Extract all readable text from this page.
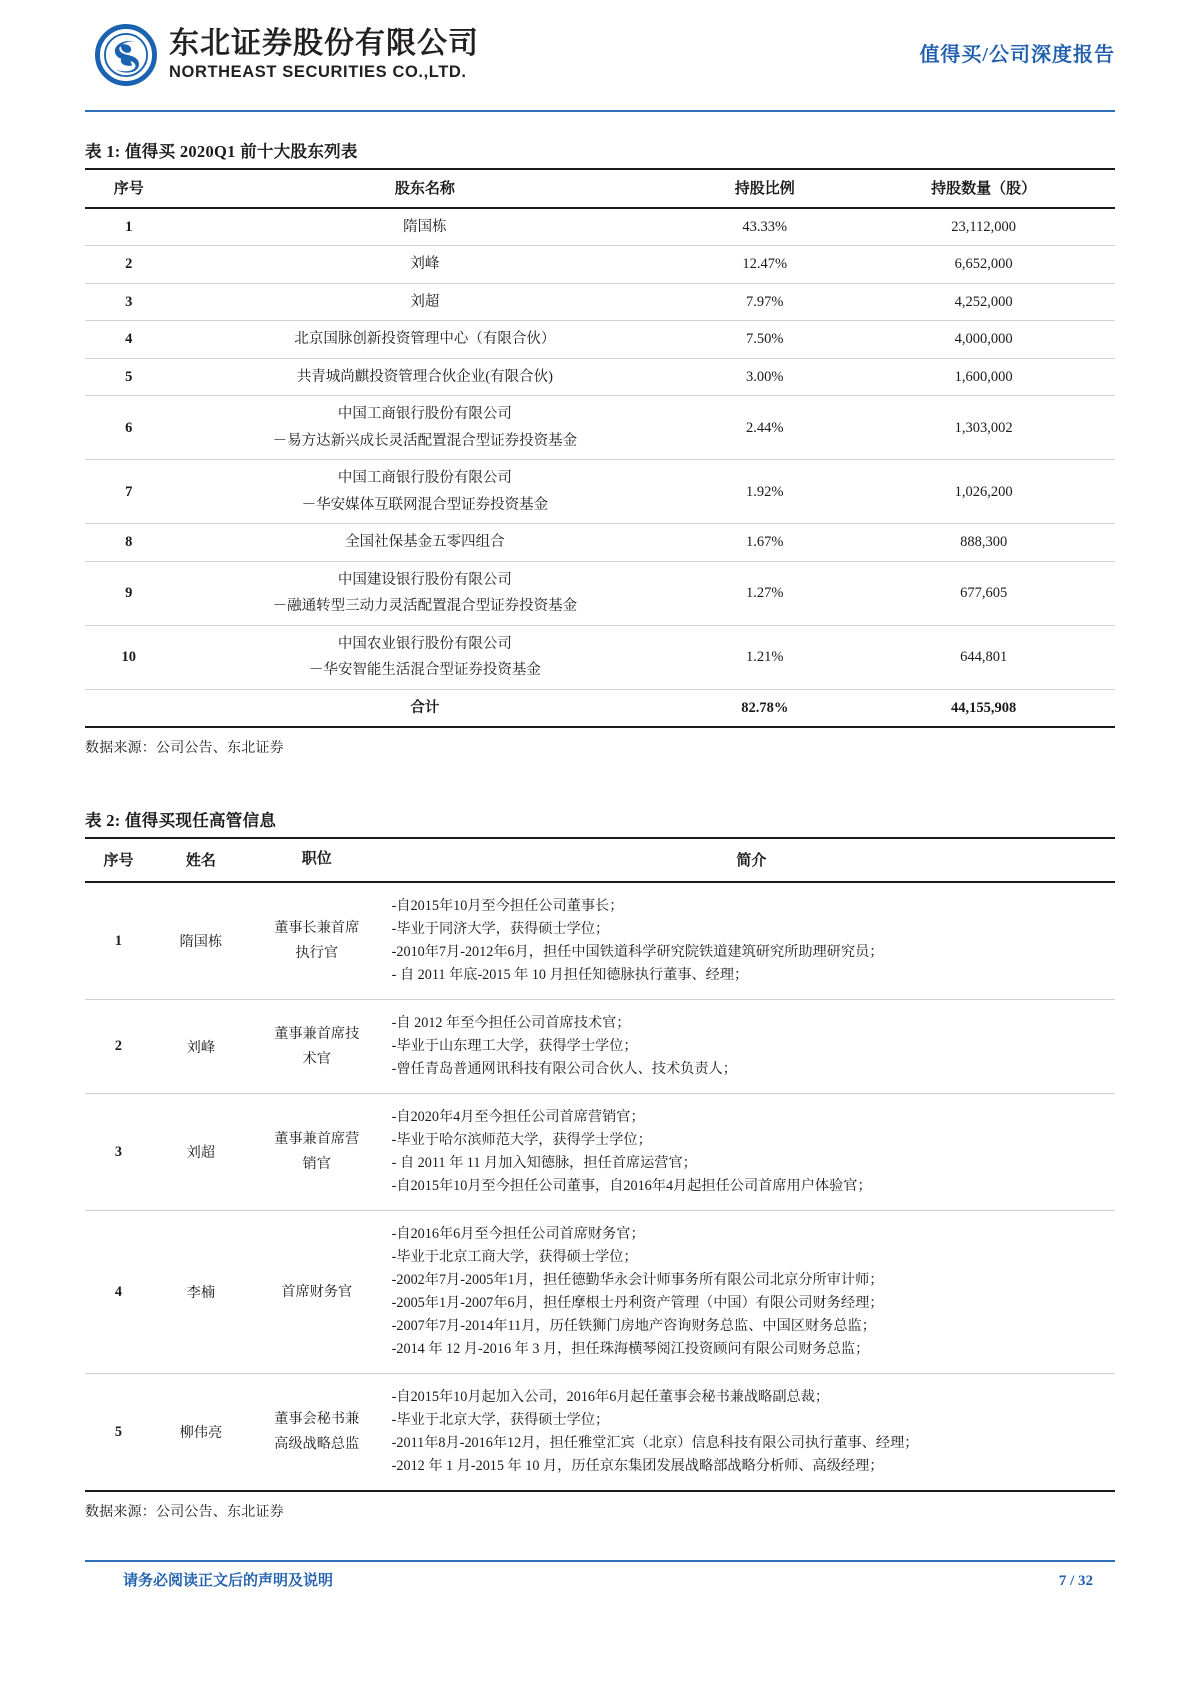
东北证券股份有限公司
NORTHEAST SECURITIES CO.,LTD.
值得买/公司深度报告
表 1: 值得买 2020Q1 前十大股东列表
序号	股东名称	持股比例	持股数量（股）
1	隋国栋	43.33%	23,112,000
2	刘峰	12.47%	6,652,000
3	刘超	7.97%	4,252,000
4	北京国脉创新投资管理中心（有限合伙）	7.50%	4,000,000
5	共青城尚麒投资管理合伙企业(有限合伙)	3.00%	1,600,000
6	中国工商银行股份有限公司
－易方达新兴成长灵活配置混合型证券投资基金	2.44%	1,303,002
7	中国工商银行股份有限公司
－华安媒体互联网混合型证券投资基金	1.92%	1,026,200
8	全国社保基金五零四组合	1.67%	888,300
9	中国建设银行股份有限公司
－融通转型三动力灵活配置混合型证券投资基金	1.27%	677,605
10	中国农业银行股份有限公司
－华安智能生活混合型证券投资基金	1.21%	644,801
	合计	82.78%	44,155,908
数据来源：公司公告、东北证券
表 2: 值得买现任高管信息
序号	姓名	职位	简介
1	隋国栋	董事长兼首席
执行官	-自2015年10月至今担任公司董事长；
-毕业于同济大学，获得硕士学位；
-2010年7月-2012年6月，担任中国铁道科学研究院铁道建筑研究所助理研究员；
- 自 2011 年底-2015 年 10 月担任知德脉执行董事、经理；

2	刘峰	董事兼首席技
术官	-自 2012 年至今担任公司首席技术官；
-毕业于山东理工大学，获得学士学位；
-曾任青岛普通网讯科技有限公司合伙人、技术负责人；

3	刘超	董事兼首席营
销官	-自2020年4月至今担任公司首席营销官；
-毕业于哈尔滨师范大学，获得学士学位；
- 自 2011 年 11 月加入知德脉，担任首席运营官；
-自2015年10月至今担任公司董事，自2016年4月起担任公司首席用户体验官；

4	李楠	首席财务官	
-自2016年6月至今担任公司首席财务官；
-毕业于北京工商大学，获得硕士学位；
-2002年7月-2005年1月，担任德勤华永会计师事务所有限公司北京分所审计师；
-2005年1月-2007年6月，担任摩根士丹利资产管理（中国）有限公司财务经理；
-2007年7月-2014年11月，历任铁狮门房地产咨询财务总监、中国区财务总监；
-2014 年 12 月-2016 年 3 月，担任珠海横琴阅江投资顾问有限公司财务总监；

5	柳伟亮	董事会秘书兼
高级战略总监	-自2015年10月起加入公司，2016年6月起任董事会秘书兼战略副总裁；
-毕业于北京大学，获得硕士学位；
-2011年8月-2016年12月，担任雅堂汇宾（北京）信息科技有限公司执行董事、经理；
-2012 年 1 月-2015 年 10 月，历任京东集团发展战略部战略分析师、高级经理；
数据来源：公司公告、东北证券
请务必阅读正文后的声明及说明	7 / 32
